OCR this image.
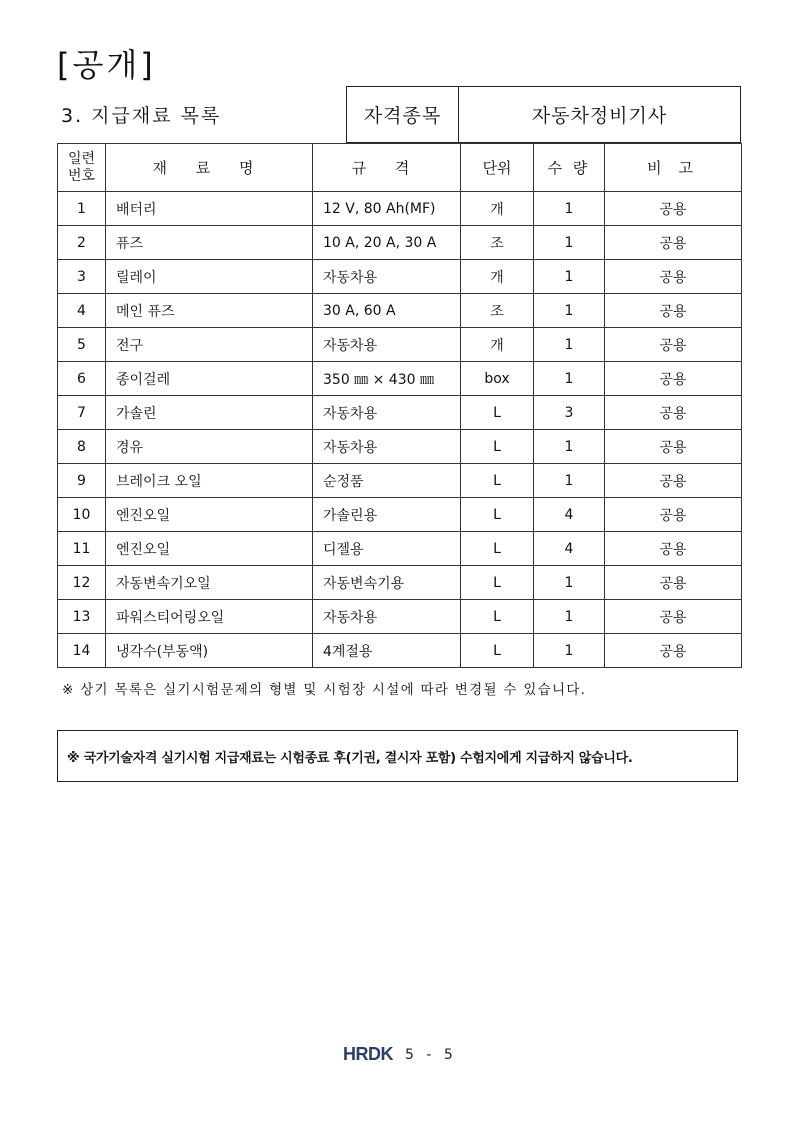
[공개]
3. 지급재료 목록	자격종목	자동차정비기사
일련
번호	재 료 명	규 격	단위	수 량	비 고
1	배터리	12 V, 80 Ah(MF)	개	1	공용
2	퓨즈	10 A, 20 A, 30 A	조	1	공용
3	릴레이	자동차용	개	1	공용
4	메인 퓨즈	30 A, 60 A	조	1	공용
5	전구	자동차용	개	1	공용
6	종이걸레	350 ㎜ × 430 ㎜	box	1	공용
7	가솔린	자동차용	L	3	공용
8	경유	자동차용	L	1	공용
9	브레이크 오일	순정품	L	1	공용
10	엔진오일	가솔린용	L	4	공용
11	엔진오일	디젤용	L	4	공용
12	자동변속기오일	자동변속기용	L	1	공용
13	파워스티어링오일	자동차용	L	1	공용
14	냉각수(부동액)	4계절용	L	1	공용
※ 상기 목록은 실기시험문제의 형별 및 시험장 시설에 따라 변경될 수 있습니다.
※ 국가기술자격 실기시험 지급재료는 시험종료 후(기권, 결시자 포함) 수험지에게 지급하지 않습니다.
HRDK 5 - 5
